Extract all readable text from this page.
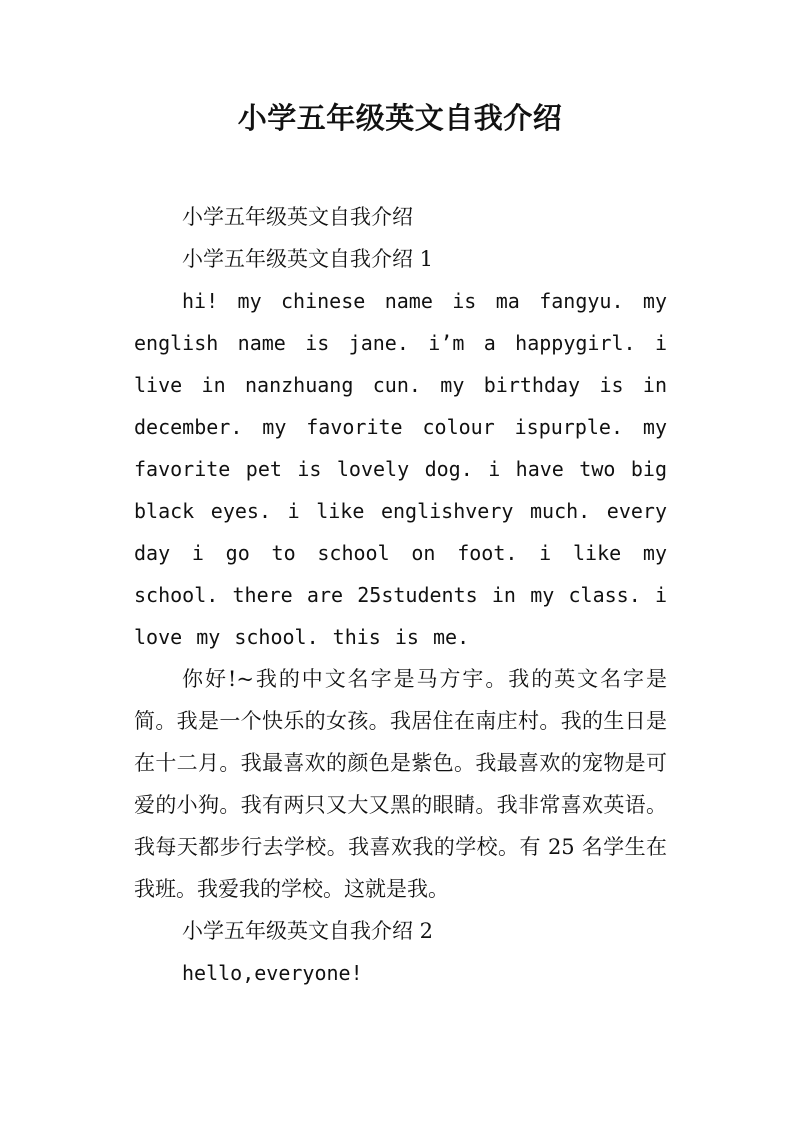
小学五年级英文自我介绍

小学五年级英文自我介绍

小学五年级英文自我介绍 1

hi! my chinese name is ma fangyu. my english name is jane. i’m a happygirl. i live in nanzhuang cun. my birthday is in december. my favorite colour ispurple. my favorite pet is lovely dog. i have two big black eyes. i like englishvery much. every day i go to school on foot. i like my school. there are 25students in my class. i love my school. this is me.

你好!~我的中文名字是马方宇。我的英文名字是简。我是一个快乐的女孩。我居住在南庄村。我的生日是在十二月。我最喜欢的颜色是紫色。我最喜欢的宠物是可爱的小狗。我有两只又大又黑的眼睛。我非常喜欢英语。我每天都步行去学校。我喜欢我的学校。有 25 名学生在我班。我爱我的学校。这就是我。

小学五年级英文自我介绍 2

hello,everyone!
